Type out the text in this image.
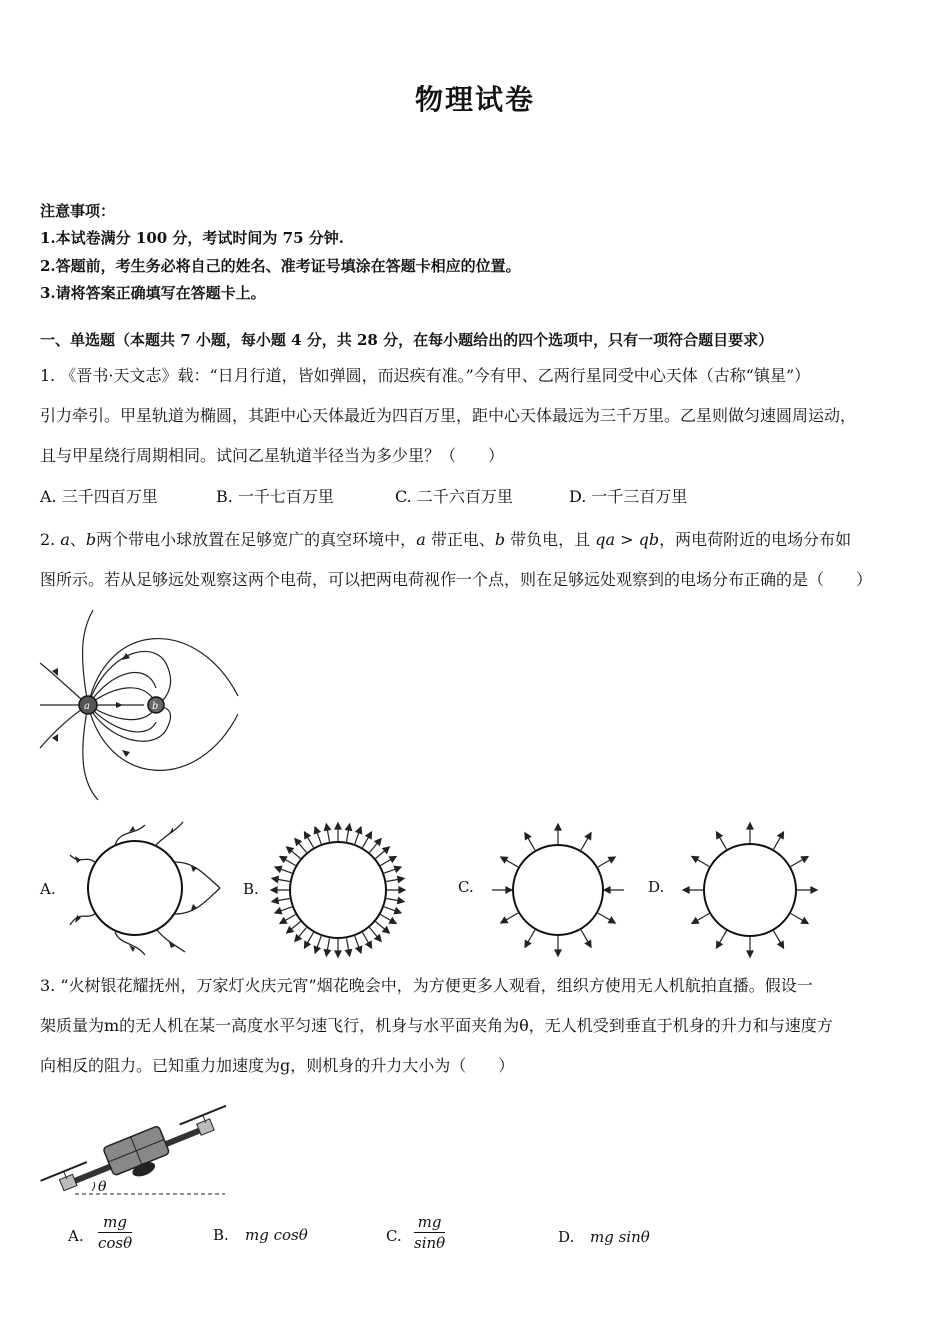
物理试卷
注意事项：
1.本试卷满分 100 分，考试时间为 75 分钟.
2.答题前，考生务必将自己的姓名、准考证号填涂在答题卡相应的位置。
3.请将答案正确填写在答题卡上。
一、单选题（本题共 7 小题，每小题 4 分，共 28 分，在每小题给出的四个选项中，只有一项符合题目要求）
1. 《晋书·天文志》载：“日月行道，皆如弹圆，而迟疾有准。”今有甲、乙两行星同受中心天体（古称“镇星”）
引力牵引。甲星轨道为椭圆，其距中心天体最近为四百万里，距中心天体最远为三千万里。乙星则做匀速圆周运动，
且与甲星绕行周期相同。试问乙星轨道半径当为多少里？（　　）
A. 三千四百万里	B. 一千七百万里	C. 二千六百万里	D. 一千三百万里
2. a、b两个带电小球放置在足够宽广的真空环境中，a 带正电、b 带负电，且 qa > qb，两电荷附近的电场分布如
图所示。若从足够远处观察这两个电荷，可以把两电荷视作一个点，则在足够远处观察到的电场分布正确的是（　　）
a	b
A.	B.	C.	D.
3. “火树银花耀抚州，万家灯火庆元宵”烟花晚会中，为方便更多人观看，组织方使用无人机航拍直播。假设一
架质量为m的无人机在某一高度水平匀速飞行，机身与水平面夹角为θ，无人机受到垂直于机身的升力和与速度方
向相反的阻力。已知重力加速度为g，则机身的升力大小为（　　）
θ
A. $\frac{mg}{\cos\theta}$	B. mg cosθ	C. $\frac{mg}{\sin\theta}$	D. mg sinθ
